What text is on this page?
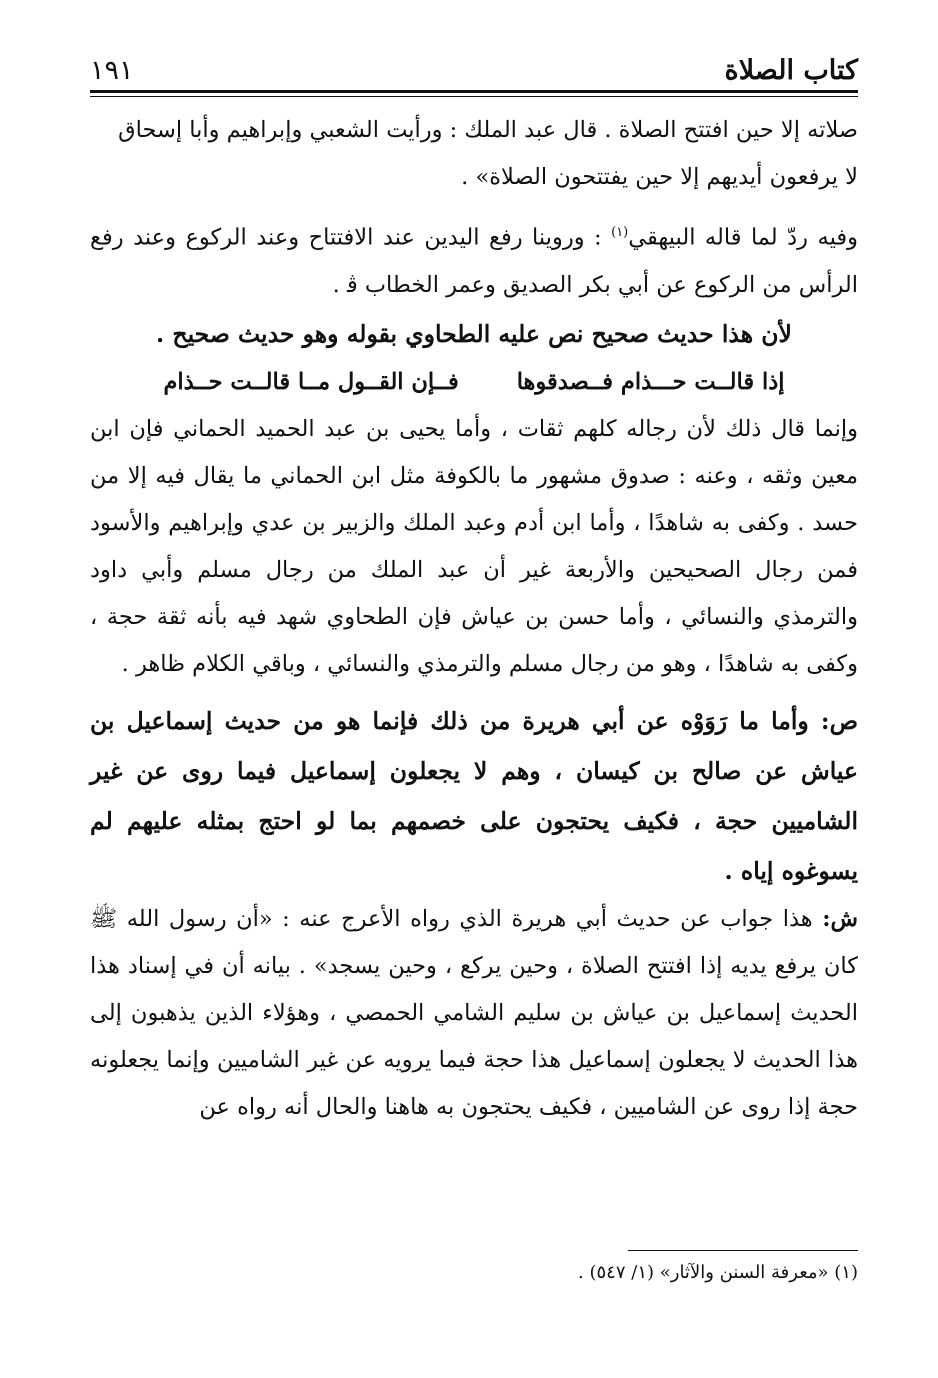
كتاب الصلاة
١٩١

صلاته إلا حين افتتح الصلاة . قال عبد الملك : ورأيت الشعبي وإبراهيم وأبا إسحاق

لا يرفعون أيديهم إلا حين يفتتحون الصلاة» .

وفيه ردّ لما قاله البيهقي$^{(١)}$ : وروينا رفع اليدين عند الافتتاح وعند الركوع وعند رفع الرأس من الركوع عن أبي بكر الصديق وعمر الخطاب ﭬ .

لأن هذا حديث صحيح نص عليه الطحاوي بقوله وهو حديث صحيح .

إذا قالــت حـــذام فــصدقوها
فــإن القــول مــا قالــت حــذام

وإنما قال ذلك لأن رجاله كلهم ثقات ، وأما يحيى بن عبد الحميد الحماني فإن ابن معين وثقه ، وعنه : صدوق مشهور ما بالكوفة مثل ابن الحماني ما يقال فيه إلا من حسد . وكفى به شاهدًا ، وأما ابن أدم وعبد الملك والزبير بن عدي وإبراهيم والأسود فمن رجال الصحيحين والأربعة غير أن عبد الملك من رجال مسلم وأبي داود والترمذي والنسائي ، وأما حسن بن عياش فإن الطحاوي شهد فيه بأنه ثقة حجة ، وكفى به شاهدًا ، وهو من رجال مسلم والترمذي والنسائي ، وباقي الكلام ظاهر .

ص: وأما ما رَوَوْه عن أبي هريرة من ذلك فإنما هو من حديث إسماعيل بن عياش عن صالح بن كيسان ، وهم لا يجعلون إسماعيل فيما روى عن غير الشاميين حجة ، فكيف يحتجون على خصمهم بما لو احتج بمثله عليهم لم يسوغوه إياه .

ش: هذا جواب عن حديث أبي هريرة الذي رواه الأعرج عنه : «أن رسول الله ﷺ كان يرفع يديه إذا افتتح الصلاة ، وحين يركع ، وحين يسجد» . بيانه أن في إسناد هذا الحديث إسماعيل بن عياش بن سليم الشامي الحمصي ، وهؤلاء الذين يذهبون إلى هذا الحديث لا يجعلون إسماعيل هذا حجة فيما يرويه عن غير الشاميين وإنما يجعلونه حجة إذا روى عن الشاميين ، فكيف يحتجون به هاهنا والحال أنه رواه عن

(١) «معرفة السنن والآثار» (١/ ٥٤٧) .
